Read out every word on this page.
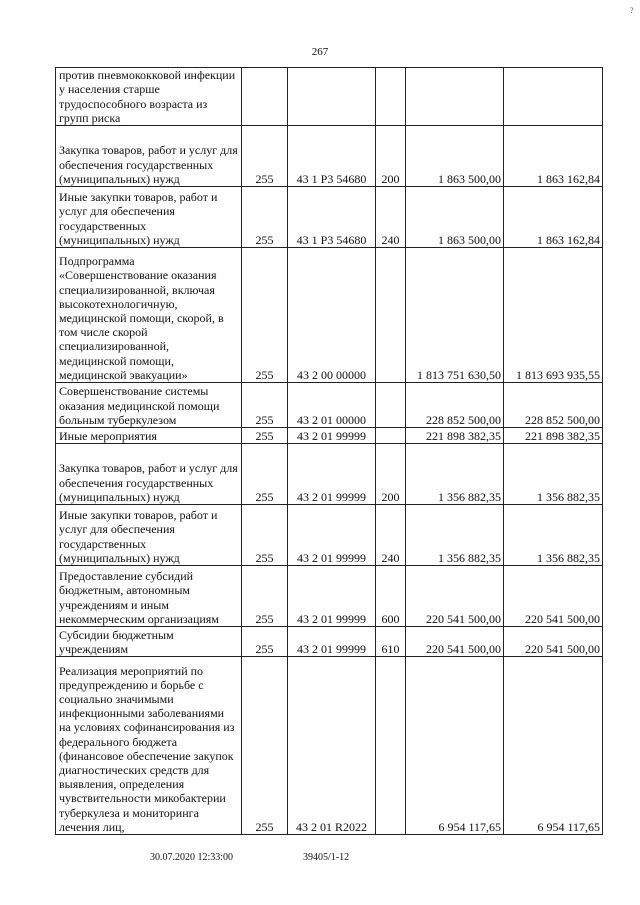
267
?
против пневмококковой инфекции у населения старше трудоспособного возраста из групп риска					
Закупка товаров, работ и услуг для обеспечения государственных (муниципальных) нужд	255	43 1 P3 54680	200	1 863 500,00	1 863 162,84
Иные закупки товаров, работ и услуг для обеспечения государственных (муниципальных) нужд	255	43 1 P3 54680	240	1 863 500,00	1 863 162,84
Подпрограмма «Совершенствование оказания специализированной, включая высокотехнологичную, медицинской помощи, скорой, в том числе скорой специализированной, медицинской помощи, медицинской эвакуации»	255	43 2 00 00000		1 813 751 630,50	1 813 693 935,55
Совершенствование системы оказания медицинской помощи больным туберкулезом	255	43 2 01 00000		228 852 500,00	228 852 500,00
Иные мероприятия	255	43 2 01 99999		221 898 382,35	221 898 382,35
Закупка товаров, работ и услуг для обеспечения государственных (муниципальных) нужд	255	43 2 01 99999	200	1 356 882,35	1 356 882,35
Иные закупки товаров, работ и услуг для обеспечения государственных (муниципальных) нужд	255	43 2 01 99999	240	1 356 882,35	1 356 882,35
Предоставление субсидий бюджетным, автономным учреждениям и иным некоммерческим организациям	255	43 2 01 99999	600	220 541 500,00	220 541 500,00
Субсидии бюджетным учреждениям	255	43 2 01 99999	610	220 541 500,00	220 541 500,00
Реализация мероприятий по предупреждению и борьбе с социально значимыми инфекционными заболеваниями на условиях софинансирования из федерального бюджета (финансовое обеспечение закупок диагностических средств для выявления, определения чувствительности микобактерии туберкулеза и мониторинга лечения лиц,	255	43 2 01 R2022		6 954 117,65	6 954 117,65
30.07.2020 12:33:00	39405/1-12
